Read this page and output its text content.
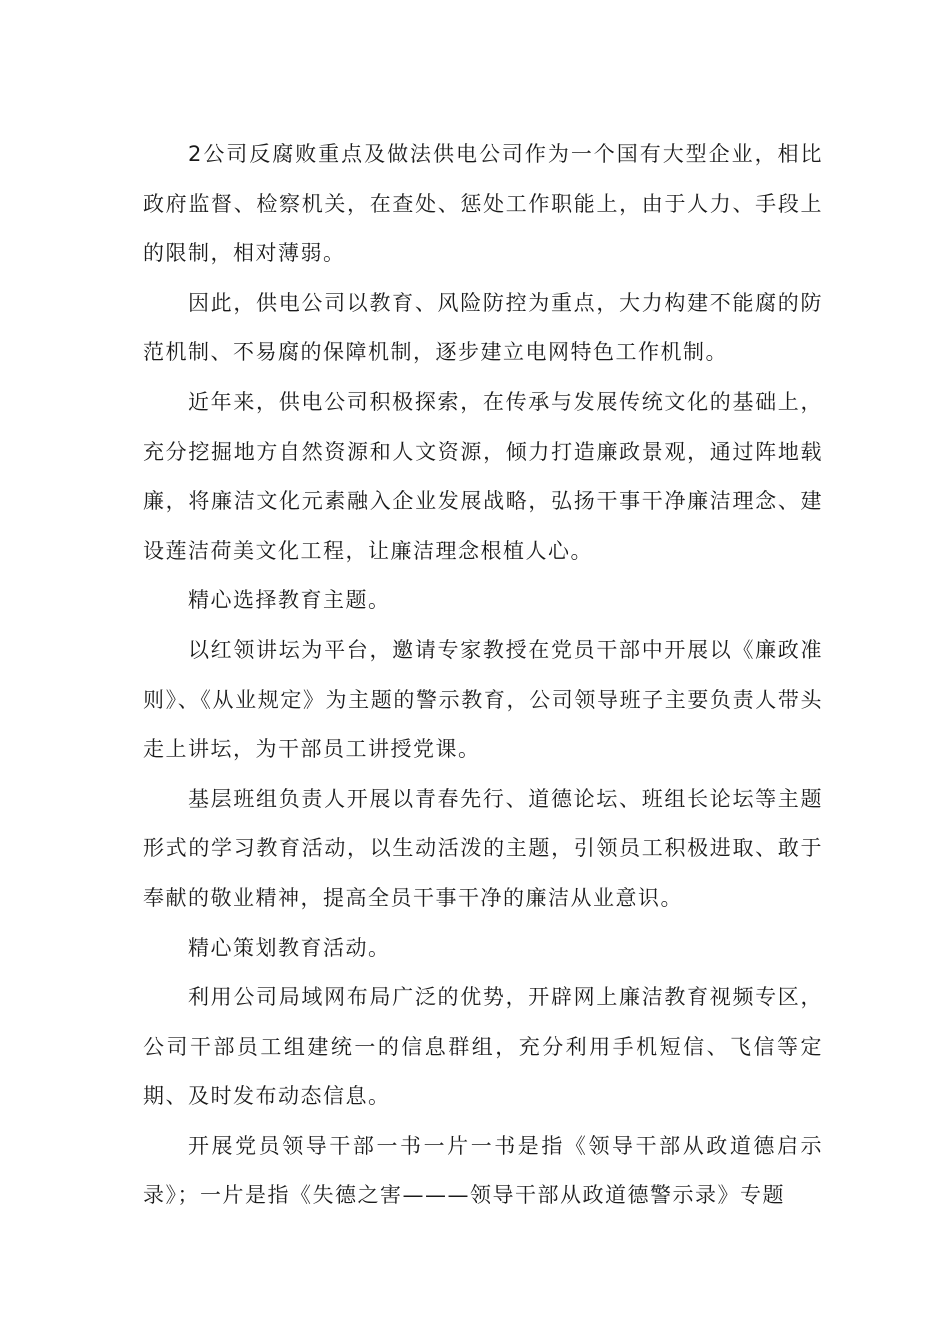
2公司反腐败重点及做法供电公司作为一个国有大型企业，相比政府监督、检察机关，在查处、惩处工作职能上，由于人力、手段上的限制，相对薄弱。

因此，供电公司以教育、风险防控为重点，大力构建不能腐的防范机制、不易腐的保障机制，逐步建立电网特色工作机制。

近年来，供电公司积极探索，在传承与发展传统文化的基础上，充分挖掘地方自然资源和人文资源，倾力打造廉政景观，通过阵地载廉，将廉洁文化元素融入企业发展战略，弘扬干事干净廉洁理念、建设莲洁荷美文化工程，让廉洁理念根植人心。

精心选择教育主题。

以红领讲坛为平台，邀请专家教授在党员干部中开展以《廉政准则》、《从业规定》为主题的警示教育，公司领导班子主要负责人带头走上讲坛，为干部员工讲授党课。

基层班组负责人开展以青春先行、道德论坛、班组长论坛等主题形式的学习教育活动，以生动活泼的主题，引领员工积极进取、敢于奉献的敬业精神，提高全员干事干净的廉洁从业意识。

精心策划教育活动。

利用公司局域网布局广泛的优势，开辟网上廉洁教育视频专区，公司干部员工组建统一的信息群组，充分利用手机短信、飞信等定期、及时发布动态信息。

开展党员领导干部一书一片一书是指《领导干部从政道德启示录》；一片是指《失德之害———领导干部从政道德警示录》专题
